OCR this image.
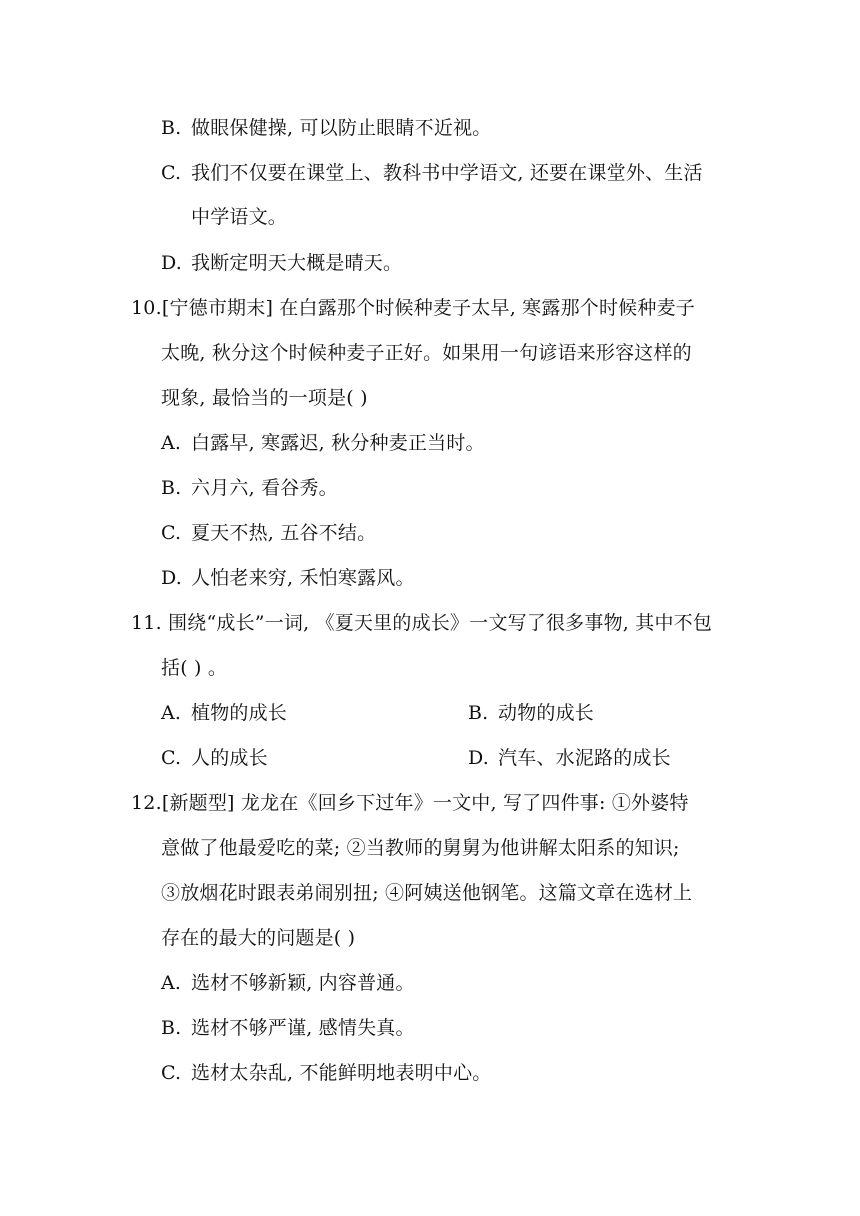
B. 做眼保健操, 可以防止眼睛不近视。
C. 我们不仅要在课堂上、教科书中学语文, 还要在课堂外、生活
中学语文。
D. 我断定明天大概是晴天。
10.[宁德市期末] 在白露那个时候种麦子太早, 寒露那个时候种麦子
太晚, 秋分这个时候种麦子正好。如果用一句谚语来形容这样的
现象, 最恰当的一项是( )
A. 白露早, 寒露迟, 秋分种麦正当时。
B. 六月六, 看谷秀。
C. 夏天不热, 五谷不结。
D. 人怕老来穷, 禾怕寒露风。
11. 围绕“成长”一词, 《夏天里的成长》一文写了很多事物, 其中不包
括( ) 。
A. 植物的成长	B. 动物的成长
C. 人的成长	D. 汽车、水泥路的成长
12.[新题型] 龙龙在《回乡下过年》一文中, 写了四件事: ①外婆特
意做了他最爱吃的菜; ②当教师的舅舅为他讲解太阳系的知识;
③放烟花时跟表弟闹别扭; ④阿姨送他钢笔。这篇文章在选材上
存在的最大的问题是( )
A. 选材不够新颖, 内容普通。
B. 选材不够严谨, 感情失真。
C. 选材太杂乱, 不能鲜明地表明中心。
